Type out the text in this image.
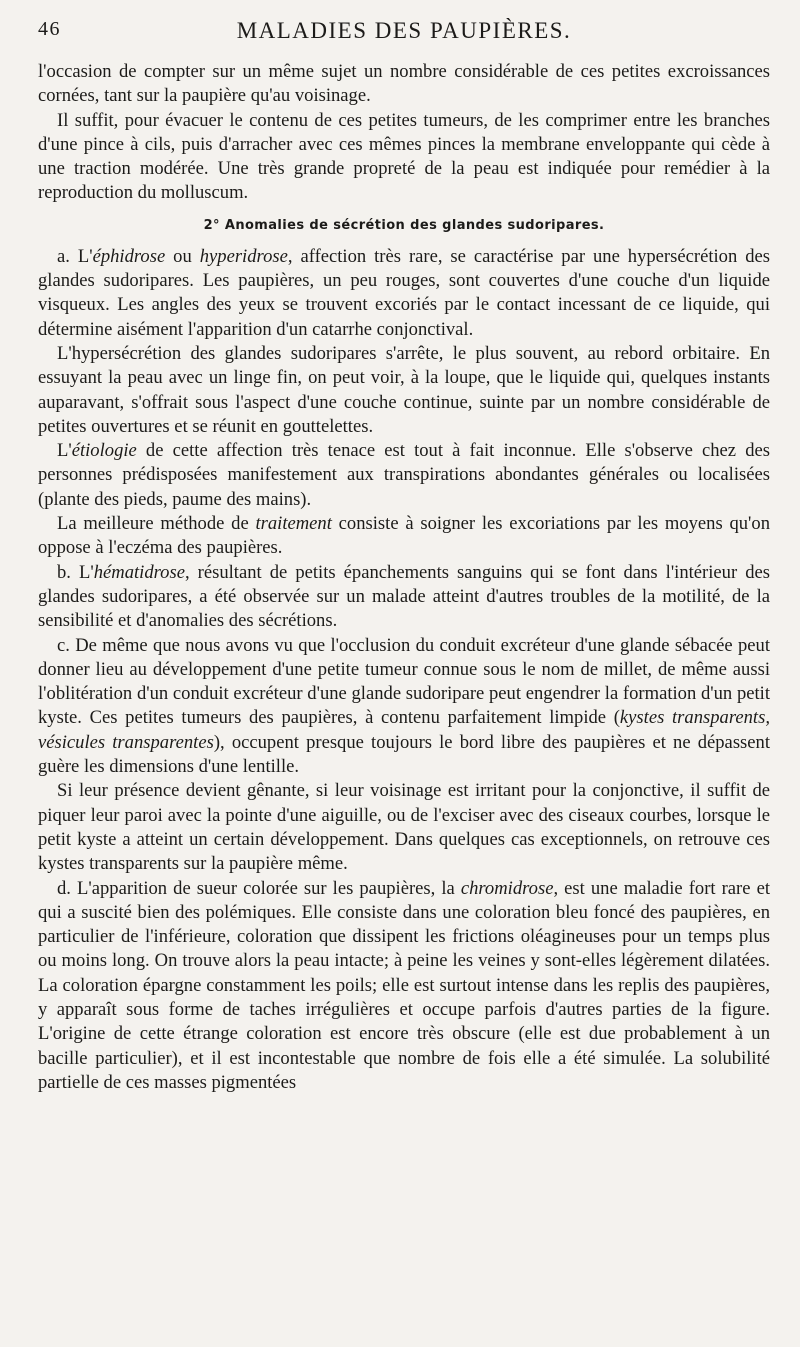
46	MALADIES DES PAUPIÈRES.

l'occasion de compter sur un même sujet un nombre considérable de ces petites excroissances cornées, tant sur la paupière qu'au voisinage.

Il suffit, pour évacuer le contenu de ces petites tumeurs, de les comprimer entre les branches d'une pince à cils, puis d'arracher avec ces mêmes pinces la membrane enveloppante qui cède à une traction modérée. Une très grande propreté de la peau est indiquée pour remédier à la reproduction du molluscum.

2° Anomalies de sécrétion des glandes sudoripares.

a. L'éphidrose ou hyperidrose, affection très rare, se caractérise par une hypersécrétion des glandes sudoripares. Les paupières, un peu rouges, sont couvertes d'une couche d'un liquide visqueux. Les angles des yeux se trouvent excoriés par le contact incessant de ce liquide, qui détermine aisément l'apparition d'un catarrhe conjonctival.

L'hypersécrétion des glandes sudoripares s'arrête, le plus souvent, au rebord orbitaire. En essuyant la peau avec un linge fin, on peut voir, à la loupe, que le liquide qui, quelques instants auparavant, s'offrait sous l'aspect d'une couche continue, suinte par un nombre considérable de petites ouvertures et se réunit en gouttelettes.

L'étiologie de cette affection très tenace est tout à fait inconnue. Elle s'observe chez des personnes prédisposées manifestement aux transpirations abondantes générales ou localisées (plante des pieds, paume des mains).

La meilleure méthode de traitement consiste à soigner les excoriations par les moyens qu'on oppose à l'eczéma des paupières.

b. L'hématidrose, résultant de petits épanchements sanguins qui se font dans l'intérieur des glandes sudoripares, a été observée sur un malade atteint d'autres troubles de la motilité, de la sensibilité et d'anomalies des sécrétions.

c. De même que nous avons vu que l'occlusion du conduit excréteur d'une glande sébacée peut donner lieu au développement d'une petite tumeur connue sous le nom de millet, de même aussi l'oblitération d'un conduit excréteur d'une glande sudoripare peut engendrer la formation d'un petit kyste. Ces petites tumeurs des paupières, à contenu parfaitement limpide (kystes transparents, vésicules transparentes), occupent presque toujours le bord libre des paupières et ne dépassent guère les dimensions d'une lentille.

Si leur présence devient gênante, si leur voisinage est irritant pour la conjonctive, il suffit de piquer leur paroi avec la pointe d'une aiguille, ou de l'exciser avec des ciseaux courbes, lorsque le petit kyste a atteint un certain développement. Dans quelques cas exceptionnels, on retrouve ces kystes transparents sur la paupière même.

d. L'apparition de sueur colorée sur les paupières, la chromidrose, est une maladie fort rare et qui a suscité bien des polémiques. Elle consiste dans une coloration bleu foncé des paupières, en particulier de l'inférieure, coloration que dissipent les frictions oléagineuses pour un temps plus ou moins long. On trouve alors la peau intacte; à peine les veines y sont-elles légèrement dilatées. La coloration épargne constamment les poils; elle est surtout intense dans les replis des paupières, y apparaît sous forme de taches irrégulières et occupe parfois d'autres parties de la figure. L'origine de cette étrange coloration est encore très obscure (elle est due probablement à un bacille particulier), et il est incontestable que nombre de fois elle a été simulée. La solubilité partielle de ces masses pigmentées
